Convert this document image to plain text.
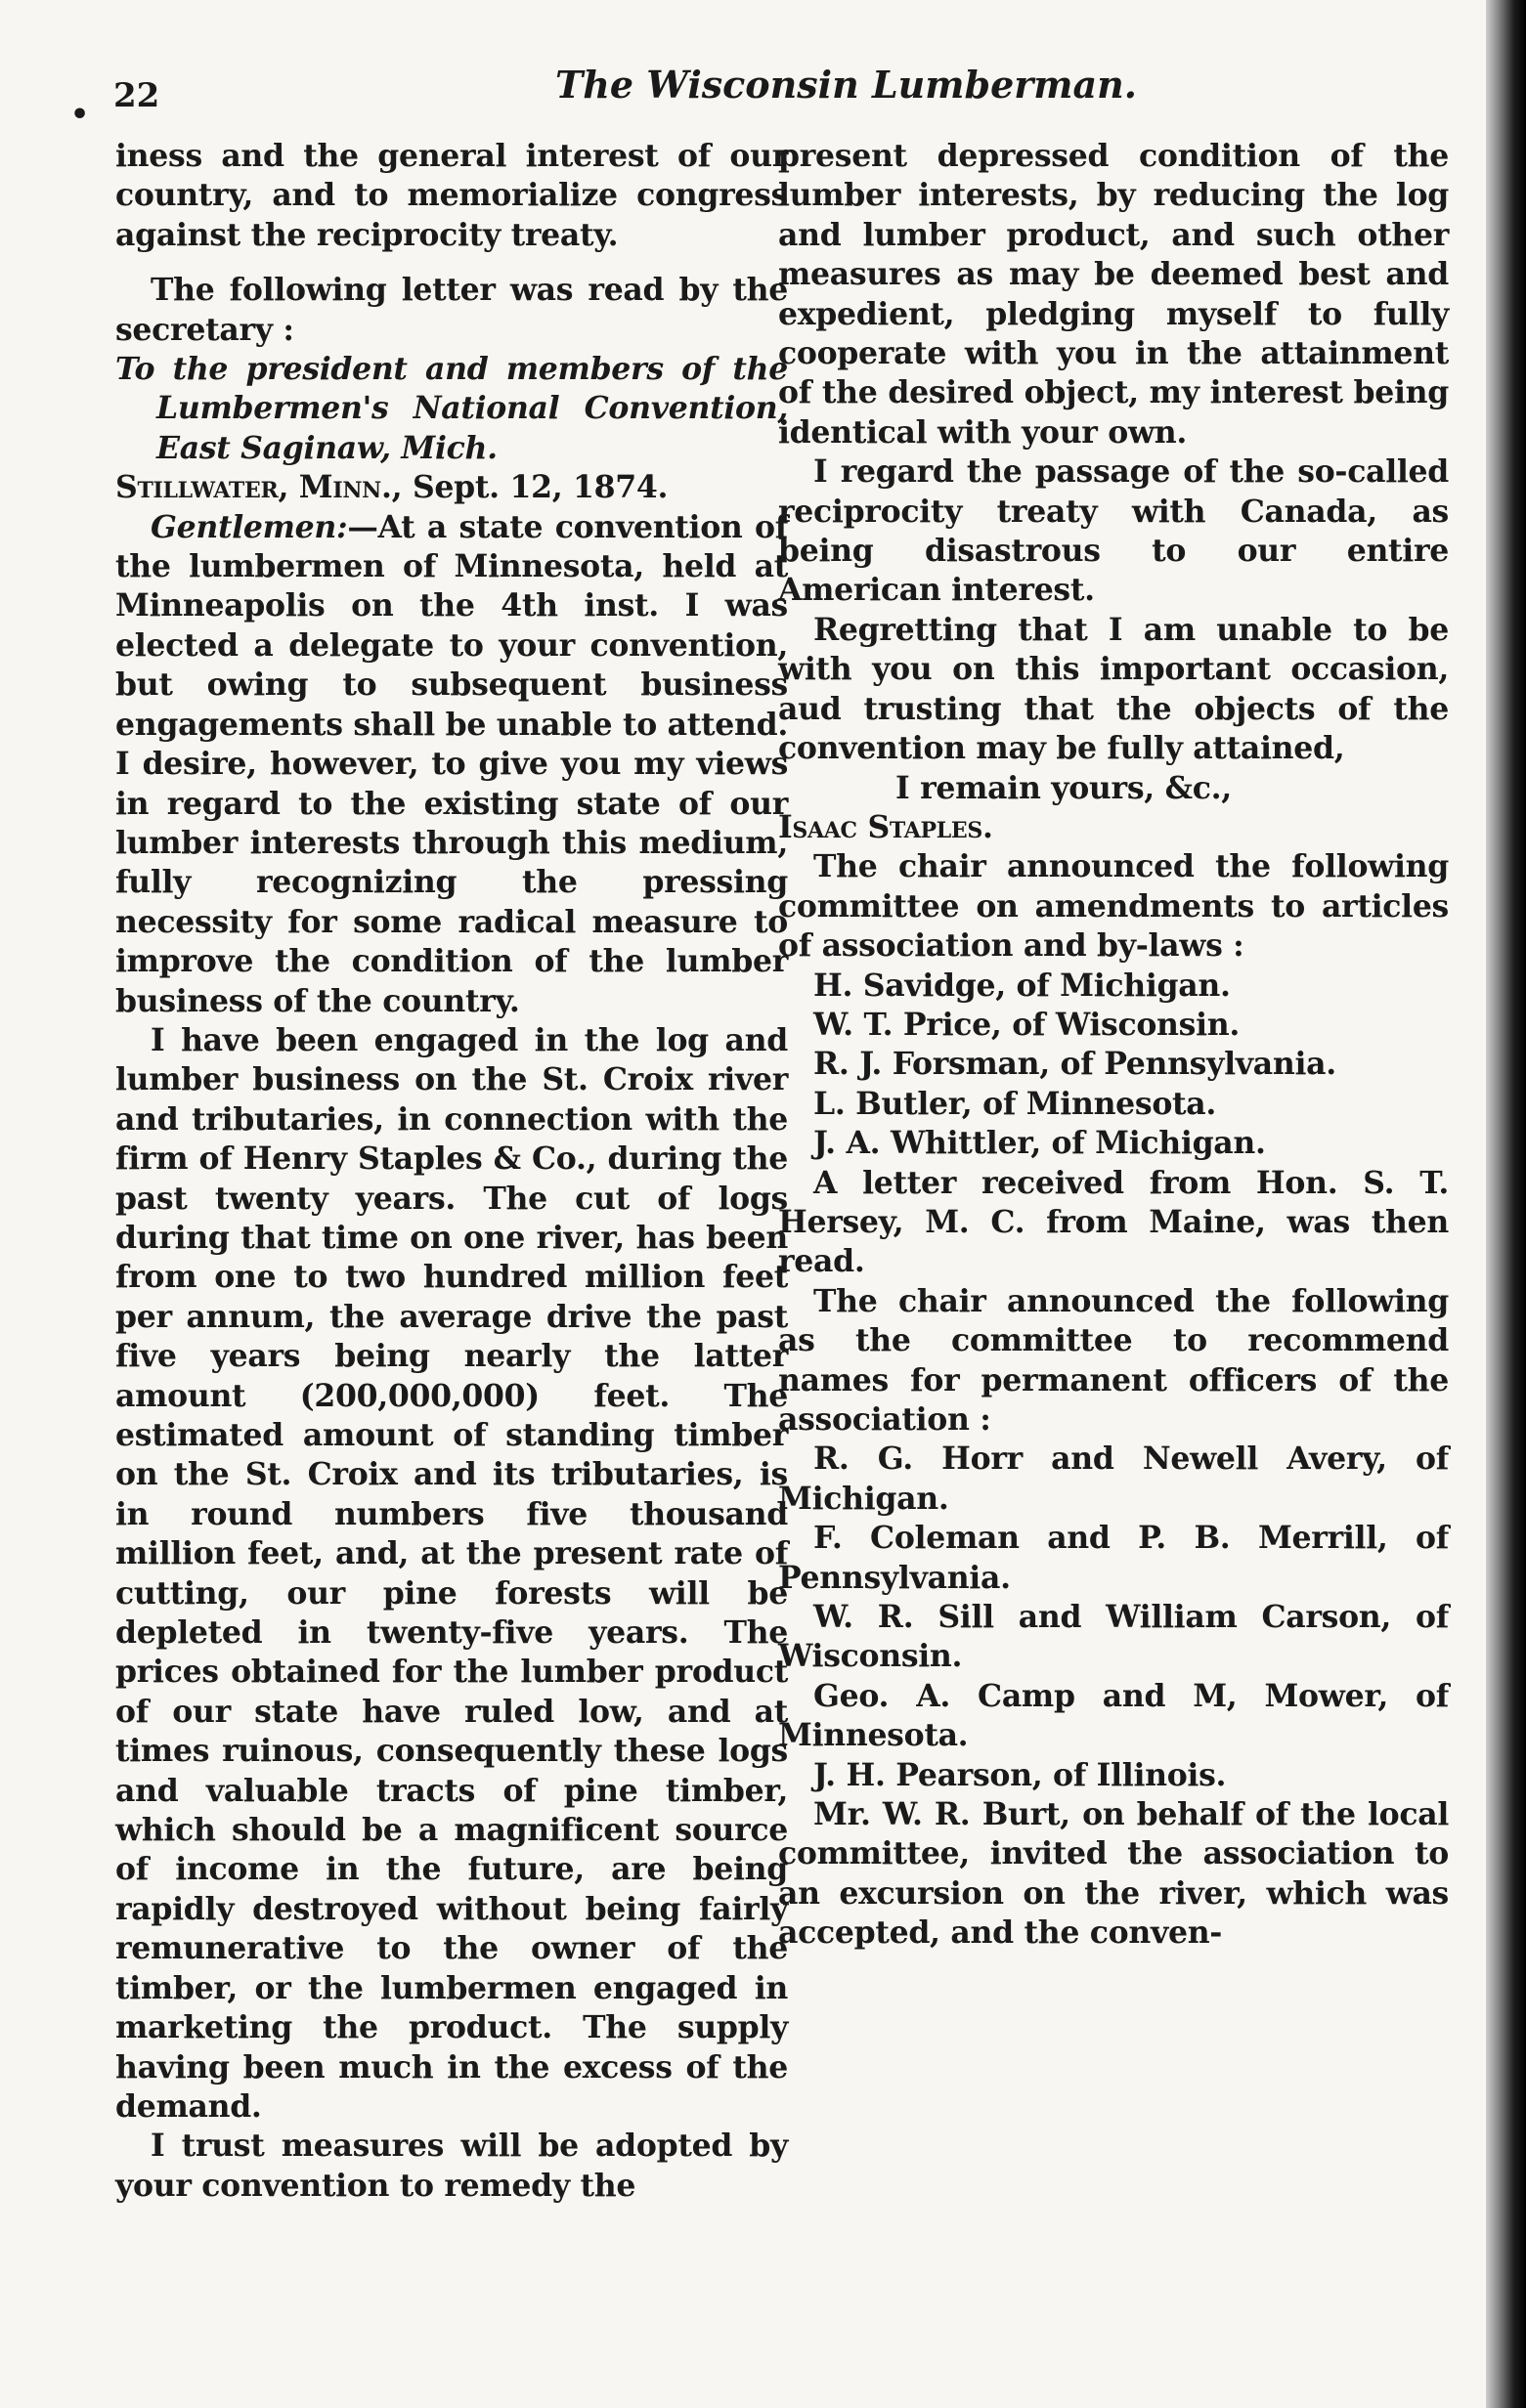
• 22	The Wisconsin Lumberman.

iness and the general interest of our country, and to memorialize congress against the reciprocity treaty.

The following letter was read by the secretary :

To the president and members of the Lumbermen's National Convention, East Saginaw, Mich.

Stillwater, Minn., Sept. 12, 1874.

Gentlemen:—At a state convention of the lumbermen of Minnesota, held at Minneapolis on the 4th inst. I was elected a delegate to your convention, but owing to subsequent business engagements shall be unable to attend. I desire, however, to give you my views in regard to the existing state of our lumber interests through this medium, fully recognizing the pressing necessity for some radical measure to improve the condition of the lumber business of the country.

I have been engaged in the log and lumber business on the St. Croix river and tributaries, in connection with the firm of Henry Staples & Co., during the past twenty years. The cut of logs during that time on one river, has been from one to two hundred million feet per annum, the average drive the past five years being nearly the latter amount (200,000,000) feet. The estimated amount of standing timber on the St. Croix and its tributaries, is in round numbers five thousand million feet, and, at the present rate of cutting, our pine forests will be depleted in twenty-five years. The prices obtained for the lumber product of our state have ruled low, and at times ruinous, consequently these logs and valuable tracts of pine timber, which should be a magnificent source of income in the future, are being rapidly destroyed without being fairly remunerative to the owner of the timber, or the lumbermen engaged in marketing the product. The supply having been much in the excess of the demand.

I trust measures will be adopted by your convention to remedy the

present depressed condition of the lumber interests, by reducing the log and lumber product, and such other measures as may be deemed best and expedient, pledging myself to fully cooperate with you in the attainment of the desired object, my interest being identical with your own.

I regard the passage of the so-called reciprocity treaty with Canada, as being disastrous to our entire American interest.

Regretting that I am unable to be with you on this important occasion, aud trusting that the objects of the convention may be fully attained,

I remain yours, &c.,

Isaac Staples.

The chair announced the following committee on amendments to articles of association and by-laws :

H. Savidge, of Michigan.

W. T. Price, of Wisconsin.

R. J. Forsman, of Pennsylvania.

L. Butler, of Minnesota.

J. A. Whittler, of Michigan.

A letter received from Hon. S. T. Hersey, M. C. from Maine, was then read.

The chair announced the following as the committee to recommend names for permanent officers of the association :

R. G. Horr and Newell Avery, of Michigan.

F. Coleman and P. B. Merrill, of Pennsylvania.

W. R. Sill and William Carson, of Wisconsin.

Geo. A. Camp and M, Mower, of Minnesota.

J. H. Pearson, of Illinois.

Mr. W. R. Burt, on behalf of the local committee, invited the association to an excursion on the river, which was accepted, and the conven-
